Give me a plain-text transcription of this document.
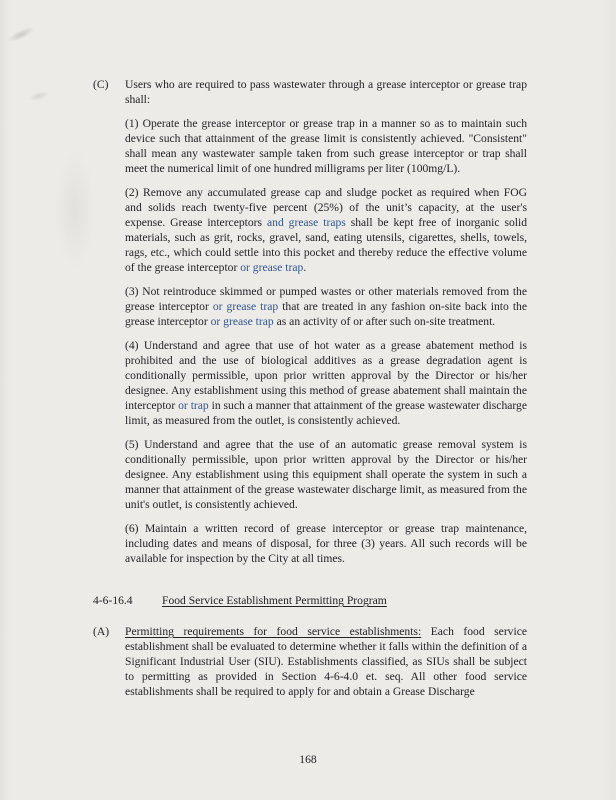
(C)	Users who are required to pass wastewater through a grease interceptor or grease trap shall:

(1) Operate the grease interceptor or grease trap in a manner so as to maintain such device such that attainment of the grease limit is consistently achieved. "Consistent" shall mean any wastewater sample taken from such grease interceptor or trap shall meet the numerical limit of one hundred milligrams per liter (100mg/L).

(2) Remove any accumulated grease cap and sludge pocket as required when FOG and solids reach twenty-five percent (25%) of the unit’s capacity, at the user's expense. Grease interceptors and grease traps shall be kept free of inorganic solid materials, such as grit, rocks, gravel, sand, eating utensils, cigarettes, shells, towels, rags, etc., which could settle into this pocket and thereby reduce the effective volume of the grease interceptor or grease trap.

(3) Not reintroduce skimmed or pumped wastes or other materials removed from the grease interceptor or grease trap that are treated in any fashion on-site back into the grease interceptor or grease trap as an activity of or after such on-site treatment.

(4) Understand and agree that use of hot water as a grease abatement method is prohibited and the use of biological additives as a grease degradation agent is conditionally permissible, upon prior written approval by the Director or his/her designee. Any establishment using this method of grease abatement shall maintain the interceptor or trap in such a manner that attainment of the grease wastewater discharge limit, as measured from the outlet, is consistently achieved.

(5) Understand and agree that the use of an automatic grease removal system is conditionally permissible, upon prior written approval by the Director or his/her designee. Any establishment using this equipment shall operate the system in such a manner that attainment of the grease wastewater discharge limit, as measured from the unit's outlet, is consistently achieved.

(6) Maintain a written record of grease interceptor or grease trap maintenance, including dates and means of disposal, for three (3) years. All such records will be available for inspection by the City at all times.

4-6-16.4	Food Service Establishment Permitting Program
(A)	Permitting requirements for food service establishments: Each food service establishment shall be evaluated to determine whether it falls within the definition of a Significant Industrial User (SIU). Establishments classified, as SIUs shall be subject to permitting as provided in Section 4-6-4.0 et. seq. All other food service establishments shall be required to apply for and obtain a Grease Discharge

168
